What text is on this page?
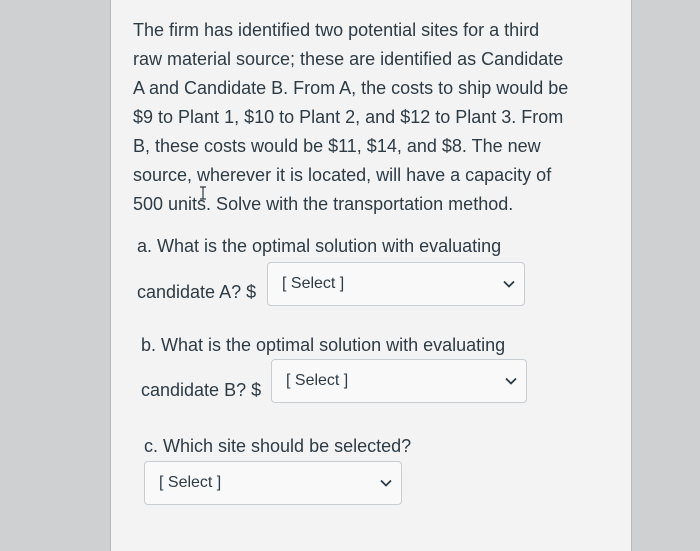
The firm has identified two potential sites for a third
raw material source; these are identified as Candidate
A and Candidate B. From A, the costs to ship would be
$9 to Plant 1, $10 to Plant 2, and $12 to Plant 3. From
B, these costs would be $11, $14, and $8. The new
source, wherever it is located, will have a capacity of
500 units. Solve with the transportation method.

a. What is the optimal solution with evaluating

candidate A? $ [ Select ]

b. What is the optimal solution with evaluating

candidate B? $ [ Select ]

c. Which site should be selected?

[ Select ]
